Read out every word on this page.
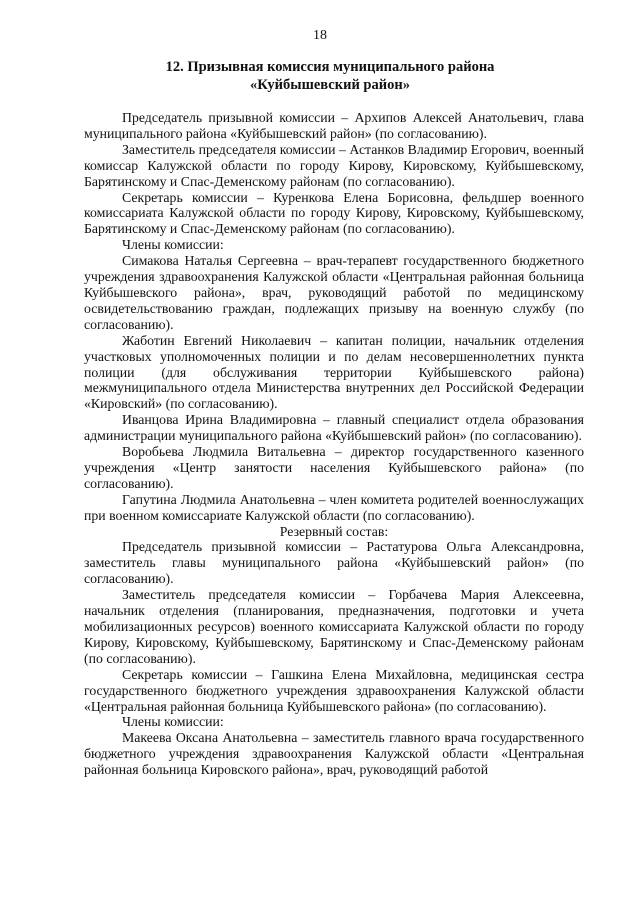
18
12. Призывная комиссия муниципального района
«Куйбышевский район»

Председатель призывной комиссии – Архипов Алексей Анатольевич, глава муниципального района «Куйбышевский район» (по согласованию).

Заместитель председателя комиссии – Астанков Владимир Егорович, военный комиссар Калужской области по городу Кирову, Кировскому, Куйбышевскому, Барятинскому и Спас-Деменскому районам (по согласованию).

Секретарь комиссии – Куренкова Елена Борисовна, фельдшер военного комиссариата Калужской области по городу Кирову, Кировскому, Куйбышевскому, Барятинскому и Спас-Деменскому районам (по согласованию).

Члены комиссии:

Симакова Наталья Сергеевна – врач-терапевт государственного бюджетного учреждения здравоохранения Калужской области «Центральная районная больница Куйбышевского района», врач, руководящий работой по медицинскому освидетельствованию граждан, подлежащих призыву на военную службу (по согласованию).

Жаботин Евгений Николаевич – капитан полиции, начальник отделения участковых уполномоченных полиции и по делам несовершеннолетних пункта полиции (для обслуживания территории Куйбышевского района) межмуниципального отдела Министерства внутренних дел Российской Федерации «Кировский» (по согласованию).

Иванцова Ирина Владимировна – главный специалист отдела образования администрации муниципального района «Куйбышевский район» (по согласованию).

Воробьева Людмила Витальевна – директор государственного казенного учреждения «Центр занятости населения Куйбышевского района» (по согласованию).

Гапутина Людмила Анатольевна – член комитета родителей военнослужащих при военном комиссариате Калужской области (по согласованию).

Резервный состав:

Председатель призывной комиссии – Растатурова Ольга Александровна, заместитель главы муниципального района «Куйбышевский район» (по согласованию).

Заместитель председателя комиссии – Горбачева Мария Алексеевна, начальник отделения (планирования, предназначения, подготовки и учета мобилизационных ресурсов) военного комиссариата Калужской области по городу Кирову, Кировскому, Куйбышевскому, Барятинскому и Спас-Деменскому районам (по согласованию).

Секретарь комиссии – Гашкина Елена Михайловна, медицинская сестра государственного бюджетного учреждения здравоохранения Калужской области «Центральная районная больница Куйбышевского района» (по согласованию).

Члены комиссии:

Макеева Оксана Анатольевна – заместитель главного врача государственного бюджетного учреждения здравоохранения Калужской области «Центральная районная больница Кировского района», врач, руководящий работой
